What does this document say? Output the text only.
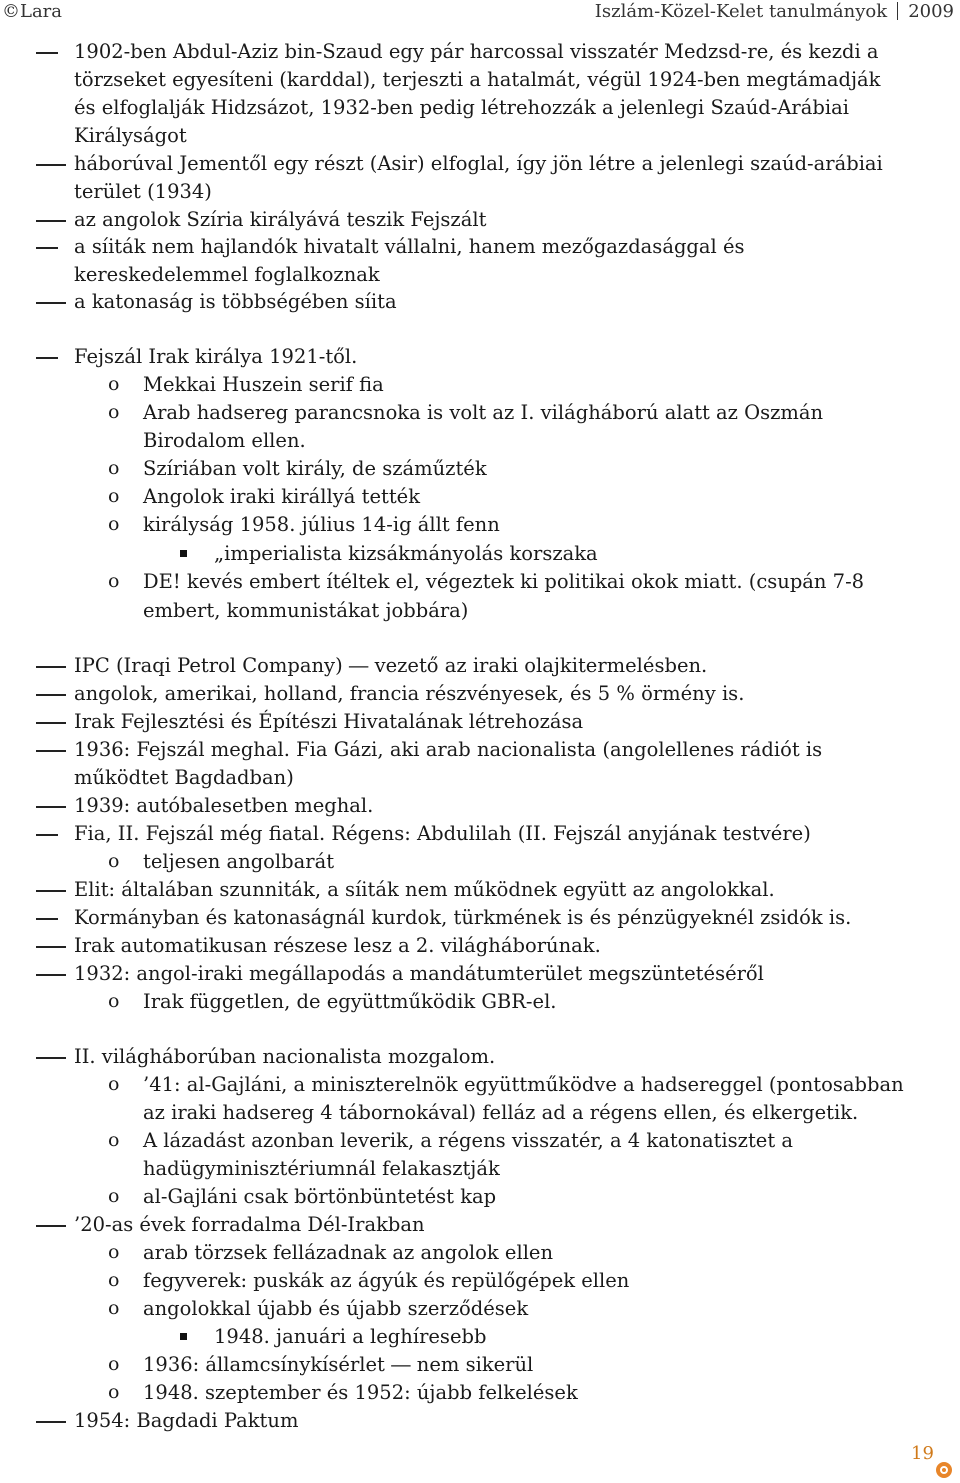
©Lara	Iszlám-Közel-Kelet tanulmányok 2009
1902-ben Abdul-Aziz bin-Szaud egy pár harcossal visszatér Medzsd-re, és kezdi a
törzseket egyesíteni (karddal), terjeszti a hatalmát, végül 1924-ben megtámadják
és elfoglalják Hidzsázot, 1932-ben pedig létrehozzák a jelenlegi Szaúd-Arábiai
Királyságot
háborúval Jementől egy részt (Asir) elfoglal, így jön létre a jelenlegi szaúd-arábiai
terület (1934)
az angolok Szíria királyává teszik Fejszált
a síiták nem hajlandók hivatalt vállalni, hanem mezőgazdasággal és
kereskedelemmel foglalkoznak
a katonaság is többségében síita
Fejszál Irak királya 1921-től.
o Mekkai Huszein serif fia
o Arab hadsereg parancsnoka is volt az I. világháború alatt az Oszmán
Birodalom ellen.
o Szíriában volt király, de száműzték
o Angolok iraki királlyá tették
o királyság 1958. július 14-ig állt fenn
„imperialista kizsákmányolás korszaka
o DE! kevés embert ítéltek el, végeztek ki politikai okok miatt. (csupán 7-8
embert, kommunistákat jobbára)
IPC (Iraqi Petrol Company) ― vezető az iraki olajkitermelésben.
angolok, amerikai, holland, francia részvényesek, és 5 % örmény is.
Irak Fejlesztési és Építészi Hivatalának létrehozása
1936: Fejszál meghal. Fia Gázi, aki arab nacionalista (angolellenes rádiót is
működtet Bagdadban)
1939: autóbalesetben meghal.
Fia, II. Fejszál még fiatal. Régens: Abdulilah (II. Fejszál anyjának testvére)
o teljesen angolbarát
Elit: általában szunniták, a síiták nem működnek együtt az angolokkal.
Kormányban és katonaságnál kurdok, türkmének is és pénzügyeknél zsidók is.
Irak automatikusan részese lesz a 2. világháborúnak.
1932: angol-iraki megállapodás a mandátumterület megszüntetéséről
o Irak független, de együttműködik GBR-el.
II. világháborúban nacionalista mozgalom.
o ’41: al-Gajláni, a miniszterelnök együttműködve a hadsereggel (pontosabban
az iraki hadsereg 4 tábornokával) felláz ad a régens ellen, és elkergetik.
o A lázadást azonban leverik, a régens visszatér, a 4 katonatisztet a
hadügyminisztériumnál felakasztják
o al-Gajláni csak börtönbüntetést kap
’20-as évek forradalma Dél-Irakban
o arab törzsek fellázadnak az angolok ellen
o fegyverek: puskák az ágyúk és repülőgépek ellen
o angolokkal újabb és újabb szerződések
1948. januári a leghíresebb
o 1936: államcsínykísérlet ― nem sikerül
o 1948. szeptember és 1952: újabb felkelések
1954: Bagdadi Paktum
19
